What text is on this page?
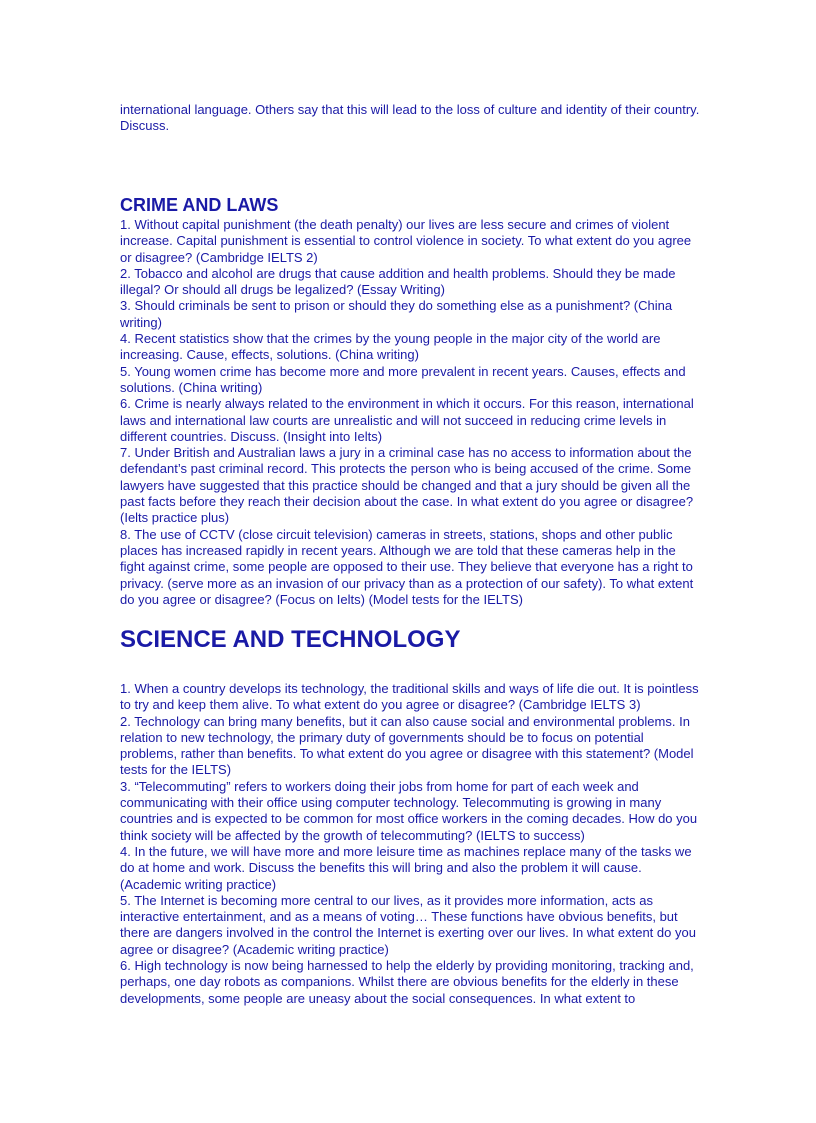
international language. Others say that this will lead to the loss of culture and identity of their country. Discuss.

CRIME AND LAWS

1. Without capital punishment (the death penalty) our lives are less secure and crimes of violent increase. Capital punishment is essential to control violence in society. To what extent do you agree or disagree? (Cambridge IELTS 2)

2. Tobacco and alcohol are drugs that cause addition and health problems. Should they be made illegal? Or should all drugs be legalized? (Essay Writing)

3. Should criminals be sent to prison or should they do something else as a punishment? (China writing)

4. Recent statistics show that the crimes by the young people in the major city of the world are increasing. Cause, effects, solutions. (China writing)

5. Young women crime has become more and more prevalent in recent years. Causes, effects and solutions. (China writing)

6. Crime is nearly always related to the environment in which it occurs. For this reason, international laws and international law courts are unrealistic and will not succeed in reducing crime levels in different countries. Discuss. (Insight into Ielts)

7. Under British and Australian laws a jury in a criminal case has no access to information about the defendant’s past criminal record. This protects the person who is being accused of the crime. Some lawyers have suggested that this practice should be changed and that a jury should be given all the past facts before they reach their decision about the case. In what extent do you agree or disagree? (Ielts practice plus)

8. The use of CCTV (close circuit television) cameras in streets, stations, shops and other public places has increased rapidly in recent years. Although we are told that these cameras help in the fight against crime, some people are opposed to their use. They believe that everyone has a right to privacy. (serve more as an invasion of our privacy than as a protection of our safety). To what extent do you agree or disagree? (Focus on Ielts) (Model tests for the IELTS)

SCIENCE AND TECHNOLOGY

1. When a country develops its technology, the traditional skills and ways of life die out. It is pointless to try and keep them alive. To what extent do you agree or disagree? (Cambridge IELTS 3)

2. Technology can bring many benefits, but it can also cause social and environmental problems. In relation to new technology, the primary duty of governments should be to focus on potential problems, rather than benefits. To what extent do you agree or disagree with this statement? (Model tests for the IELTS)

3. “Telecommuting” refers to workers doing their jobs from home for part of each week and communicating with their office using computer technology. Telecommuting is growing in many countries and is expected to be common for most office workers in the coming decades. How do you think society will be affected by the growth of telecommuting? (IELTS to success)

4. In the future, we will have more and more leisure time as machines replace many of the tasks we do at home and work. Discuss the benefits this will bring and also the problem it will cause. (Academic writing practice)

5. The Internet is becoming more central to our lives, as it provides more information, acts as interactive entertainment, and as a means of voting… These functions have obvious benefits, but there are dangers involved in the control the Internet is exerting over our lives. In what extent do you agree or disagree? (Academic writing practice)

6. High technology is now being harnessed to help the elderly by providing monitoring, tracking and, perhaps, one day robots as companions. Whilst there are obvious benefits for the elderly in these developments, some people are uneasy about the social consequences. In what extent to
